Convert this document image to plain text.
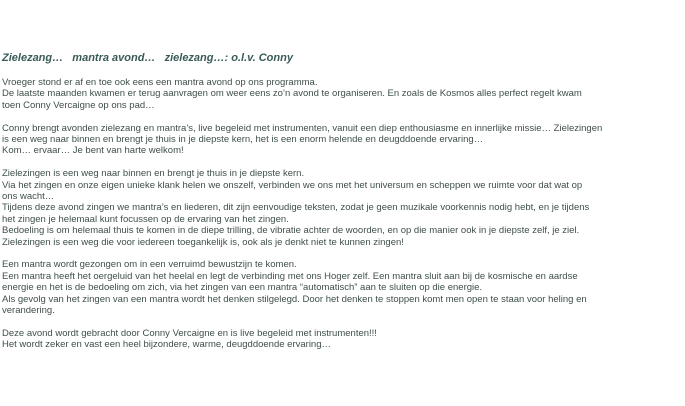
Zielezang…   mantra avond…   zielezang…: o.l.v. Conny

Vroeger stond er af en toe ook eens een mantra avond op ons programma.
De laatste maanden kwamen er terug aanvragen om weer eens zo’n avond te organiseren. En zoals de Kosmos alles perfect regelt kwam
toen Conny Vercaigne op ons pad…

Conny brengt avonden zielezang en mantra’s, live begeleid met instrumenten, vanuit een diep enthousiasme en innerlijke missie… Zielezingen
is een weg naar binnen en brengt je thuis in je diepste kern, het is een enorm helende en deugddoende ervaring…
Kom… ervaar… Je bent van harte welkom!

Zielezingen is een weg naar binnen en brengt je thuis in je diepste kern.
Via het zingen en onze eigen unieke klank helen we onszelf, verbinden we ons met het universum en scheppen we ruimte voor dat wat op
ons wacht…
Tijdens deze avond zingen we mantra’s en liederen, dit zijn eenvoudige teksten, zodat je geen muzikale voorkennis nodig hebt, en je tijdens
het zingen je helemaal kunt focussen op de ervaring van het zingen.
Bedoeling is om helemaal thuis te komen in de diepe trilling, de vibratie achter de woorden, en op die manier ook in je diepste zelf, je ziel.
Zielezingen is een weg die voor iedereen toegankelijk is, ook als je denkt niet te kunnen zingen!

Een mantra wordt gezongen om in een verruimd bewustzijn te komen.
Een mantra heeft het oergeluid van het heelal en legt de verbinding met ons Hoger zelf. Een mantra sluit aan bij de kosmische en aardse
energie en het is de bedoeling om zich, via het zingen van een mantra “automatisch” aan te sluiten op die energie.
Als gevolg van het zingen van een mantra wordt het denken stilgelegd. Door het denken te stoppen komt men open te staan voor heling en
verandering.

Deze avond wordt gebracht door Conny Vercaigne en is live begeleid met instrumenten!!!
Het wordt zeker en vast een heel bijzondere, warme, deugddoende ervaring…
